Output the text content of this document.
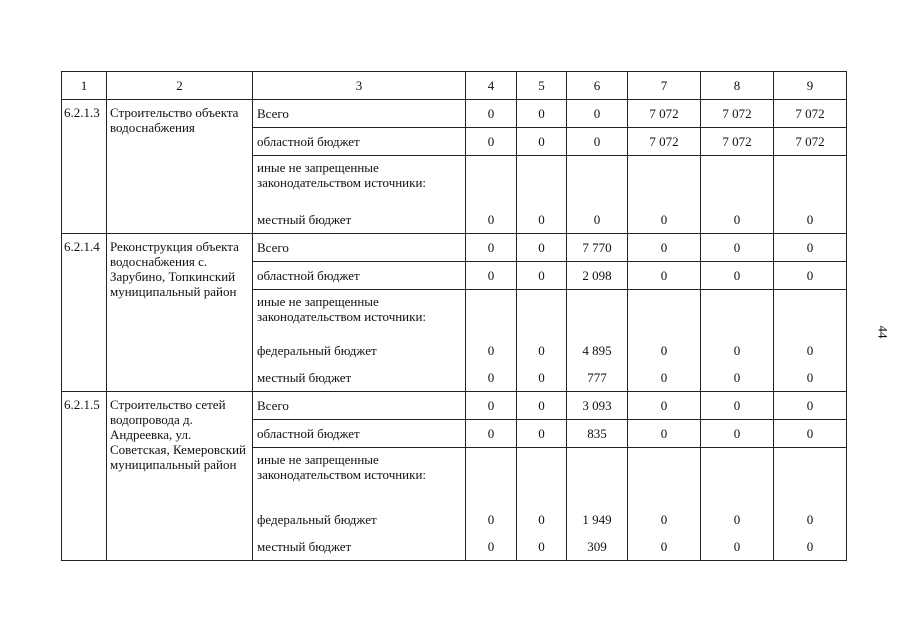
1	2	3	4	5	6	7	8	9
6.2.1.3	Строительство объекта водоснабжения	Всего	0	0	0	7 072	7 072	7 072
		областной бюджет	0	0	0	7 072	7 072	7 072
		иные не запрещенные законодательством источники:						
		местный бюджет	0	0	0	0	0	0
6.2.1.4	Реконструкция объекта водоснабжения с. Зарубино, Топкинский муниципальный район	Всего	0	0	7 770	0	0	0
		областной бюджет	0	0	2 098	0	0	0
		иные не запрещенные законодательством источники:						
		федеральный бюджет	0	0	4 895	0	0	0
		местный бюджет	0	0	777	0	0	0
6.2.1.5	Строительство сетей водопровода д. Андреевка, ул. Советская, Кемеровский муниципальный район	Всего	0	0	3 093	0	0	0
		областной бюджет	0	0	835	0	0	0
		иные не запрещенные законодательством источники:						
		федеральный бюджет	0	0	1 949	0	0	0
		местный бюджет	0	0	309	0	0	0
44
